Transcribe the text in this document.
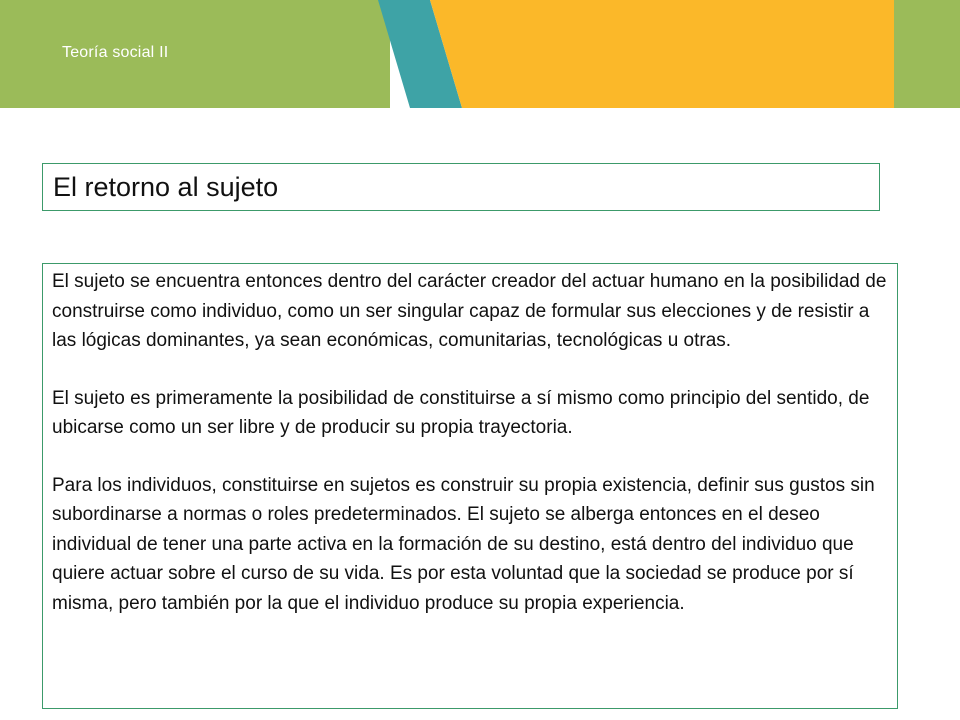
Teoría social II
El retorno al sujeto

El sujeto se encuentra entonces dentro del carácter creador del actuar humano en la posibilidad de construirse como individuo, como un ser singular capaz de formular sus elecciones y de resistir a las lógicas dominantes, ya sean económicas, comunitarias, tecnológicas u otras.

El sujeto es primeramente la posibilidad de constituirse a sí mismo como principio del sentido, de ubicarse como un ser libre y de producir su propia trayectoria.

Para los individuos, constituirse en sujetos es construir su propia existencia, definir sus gustos sin subordinarse a normas o roles predeterminados. El sujeto se alberga entonces en el deseo individual de tener una parte activa en la formación de su destino, está dentro del individuo que quiere actuar sobre el curso de su vida. Es por esta voluntad que la sociedad se produce por sí misma, pero también por la que el individuo produce su propia experiencia.
